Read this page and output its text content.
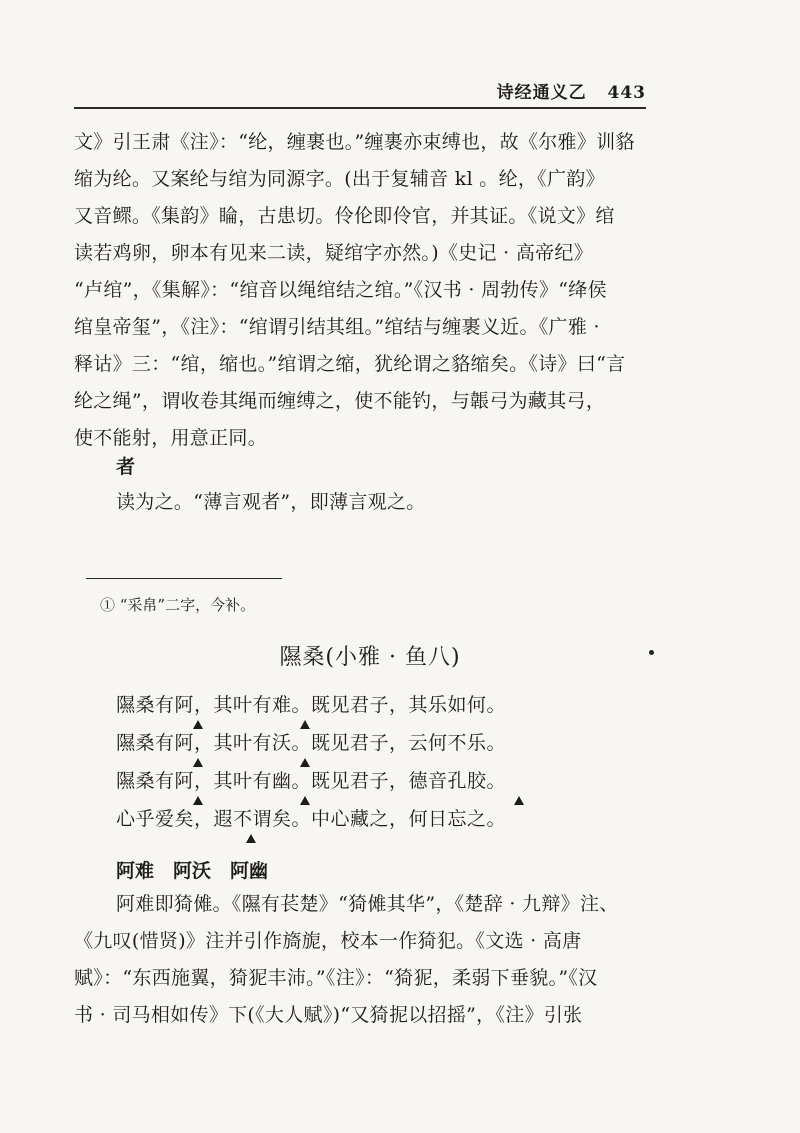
诗经通义乙 443
文》引王肃《注》：“纶，缠裹也。”缠裹亦束缚也，故《尔雅》训貉
缩为纶。又案纶与绾为同源字。(出于复辅音 kl 。纶，《广韵》
又音鳏。《集韵》睔，古患切。伶伦即伶官，并其证。《说文》绾
读若鸡卵，卵本有见来二读，疑绾字亦然。)《史记 · 高帝纪》
“卢绾”，《集解》：“绾音以绳绾结之绾。”《汉书 · 周勃传》“绛侯
绾皇帝玺”，《注》：“绾谓引结其组。”绾结与缠裹义近。《广雅 ·
释诂》三：“绾，缩也。”绾谓之缩，犹纶谓之貉缩矣。《诗》曰“言
纶之绳”，谓收卷其绳而缠缚之，使不能钓，与韔弓为藏其弓，
使不能射，用意正同。
者
读为之。“薄言观者”，即薄言观之。
① “采帛”二字，今补。
隰桑(小雅 · 鱼八)
隰桑有阿，其叶有难。既见君子，其乐如何。
隰桑有阿，其叶有沃。既见君子，云何不乐。
隰桑有阿，其叶有幽。既见君子，德音孔胶。
心乎爱矣，遐不谓矣。中心藏之，何日忘之。
阿难　阿沃　阿幽
阿难即猗傩。《隰有苌楚》“猗傩其华”，《楚辞 · 九辩》注、
《九叹(惜贤)》注并引作旖旎，校本一作猗犯。《文选 · 高唐
赋》：“东西施翼，猗狔丰沛。”《注》：“猗狔，柔弱下垂貌。”《汉
书 · 司马相如传》下(《大人赋》)“又猗抳以招摇”，《注》引张
